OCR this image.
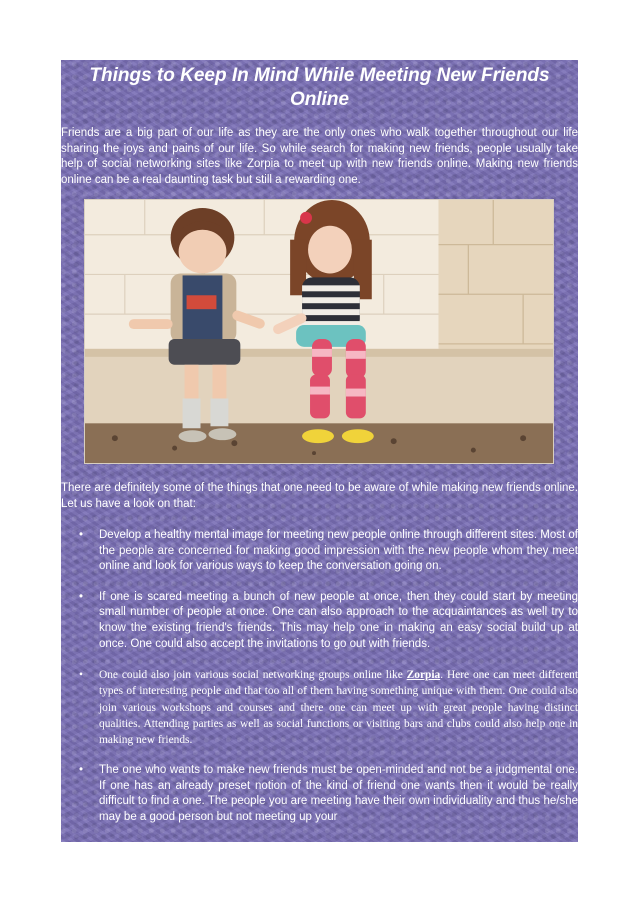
Things to Keep In Mind While Meeting New Friends Online

Friends are a big part of our life as they are the only ones who walk together throughout our life sharing the joys and pains of our life. So while search for making new friends, people usually take help of social networking sites like Zorpia to meet up with new friends online. Making new friends online can be a real daunting task but still a rewarding one.

There are definitely some of the things that one need to be aware of while making new friends online. Let us have a look on that:

• Develop a healthy mental image for meeting new people online through different sites. Most of the people are concerned for making good impression with the new people whom they meet online and look for various ways to keep the conversation going on.
• If one is scared meeting a bunch of new people at once, then they could start by meeting small number of people at once. One can also approach to the acquaintances as well try to know the existing friend's friends. This may help one in making an easy social build up at once. One could also accept the invitations to go out with friends.
• One could also join various social networking groups online like Zorpia. Here one can meet different types of interesting people and that too all of them having something unique with them. One could also join various workshops and courses and there one can meet up with great people having distinct qualities. Attending parties as well as social functions or visiting bars and clubs could also help one in making new friends.
• The one who wants to make new friends must be open-minded and not be a judgmental one. If one has an already preset notion of the kind of friend one wants then it would be really difficult to find a one. The people you are meeting have their own individuality and thus he/she may be a good person but not meeting up your
